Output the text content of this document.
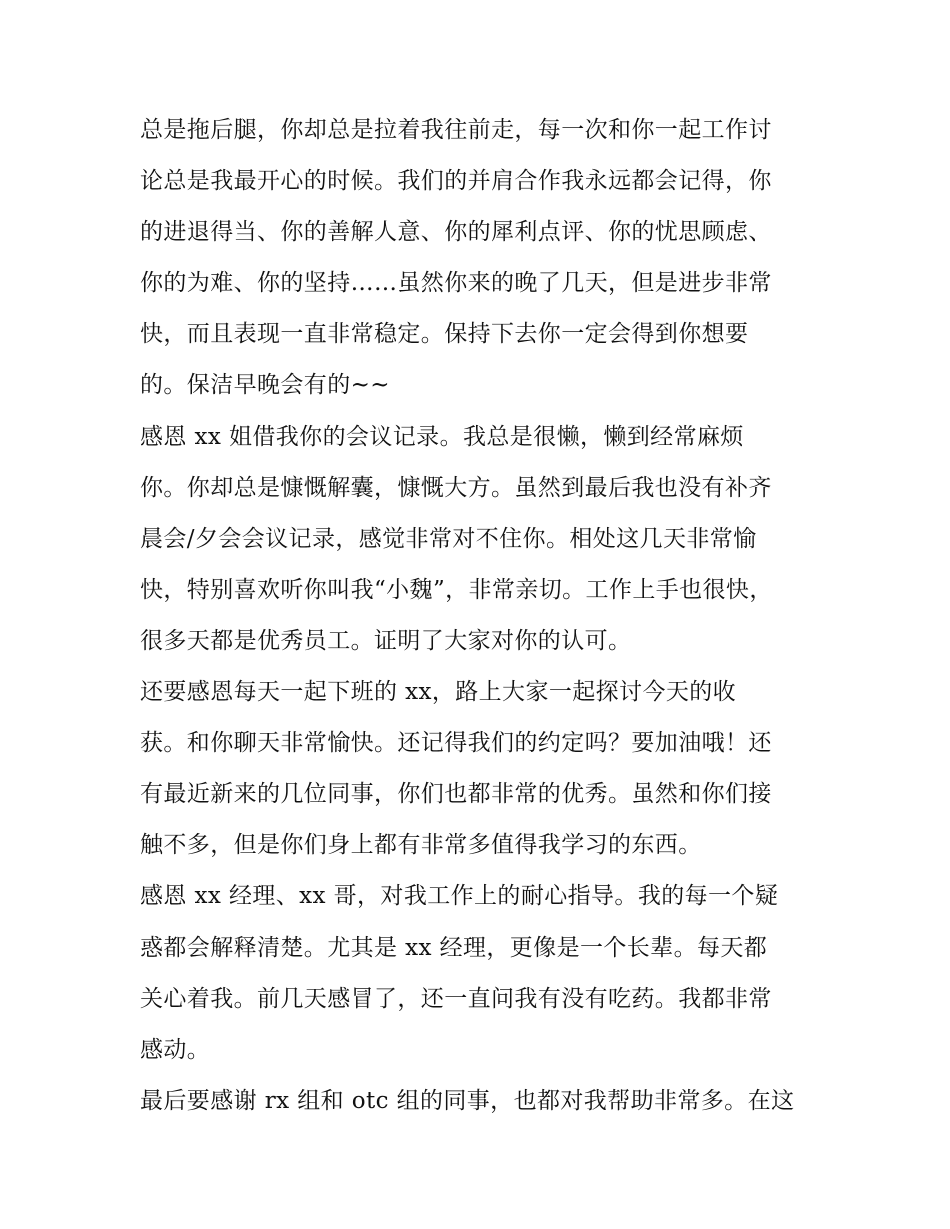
总是拖后腿，你却总是拉着我往前走，每一次和你一起工作讨

论总是我最开心的时候。我们的并肩合作我永远都会记得，你

的进退得当、你的善解人意、你的犀利点评、你的忧思顾虑、

你的为难、你的坚持……虽然你来的晚了几天，但是进步非常

快，而且表现一直非常稳定。保持下去你一定会得到你想要

的。保洁早晚会有的~~

感恩 xx 姐借我你的会议记录。我总是很懒，懒到经常麻烦

你。你却总是慷慨解囊，慷慨大方。虽然到最后我也没有补齐

晨会/夕会会议记录，感觉非常对不住你。相处这几天非常愉

快，特别喜欢听你叫我“小魏”，非常亲切。工作上手也很快，

很多天都是优秀员工。证明了大家对你的认可。

还要感恩每天一起下班的 xx，路上大家一起探讨今天的收

获。和你聊天非常愉快。还记得我们的约定吗？要加油哦！还

有最近新来的几位同事，你们也都非常的优秀。虽然和你们接

触不多，但是你们身上都有非常多值得我学习的东西。

感恩 xx 经理、xx 哥，对我工作上的耐心指导。我的每一个疑

惑都会解释清楚。尤其是 xx 经理，更像是一个长辈。每天都

关心着我。前几天感冒了，还一直问我有没有吃药。我都非常

感动。

最后要感谢 rx 组和 otc 组的同事，也都对我帮助非常多。在这
